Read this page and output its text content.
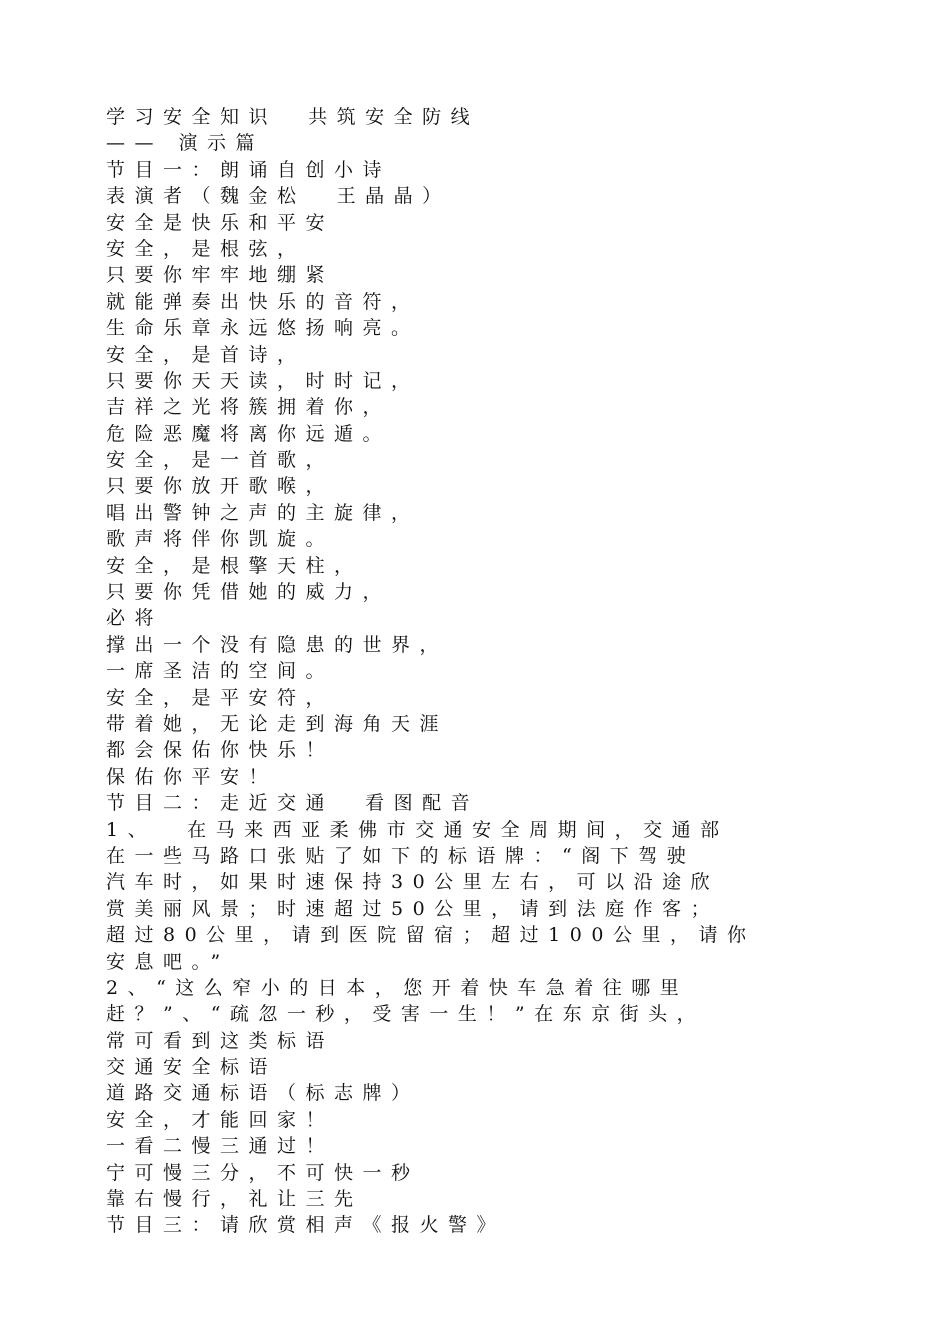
学习安全知识  共筑安全防线
—— 演示篇
节目一：朗诵自创小诗
表演者（魏金松  王晶晶）
安全是快乐和平安
安全，是根弦，
只要你牢牢地绷紧
就能弹奏出快乐的音符，
生命乐章永远悠扬响亮。
安全，是首诗，
只要你天天读，时时记，
吉祥之光将簇拥着你，
危险恶魔将离你远遁。
安全，是一首歌，
只要你放开歌喉，
唱出警钟之声的主旋律，
歌声将伴你凯旋。
安全，是根擎天柱，
只要你凭借她的威力，
必将
撑出一个没有隐患的世界，
一席圣洁的空间。
安全，是平安符，
带着她，无论走到海角天涯
都会保佑你快乐！
保佑你平安！
节目二：走近交通  看图配音
1、  在马来西亚柔佛市交通安全周期间，交通部
在一些马路口张贴了如下的标语牌：“阁下驾驶
汽车时，如果时速保持30公里左右，可以沿途欣
赏美丽风景；时速超过50公里，请到法庭作客；
超过80公里，请到医院留宿；超过100公里，请你
安息吧。”
2、“这么窄小的日本，您开着快车急着往哪里
赶？”、“疏忽一秒，受害一生！”在东京街头，
常可看到这类标语
交通安全标语
道路交通标语（标志牌）
安全，才能回家！
一看二慢三通过！
宁可慢三分，不可快一秒
靠右慢行，礼让三先
节目三：请欣赏相声《报火警》
